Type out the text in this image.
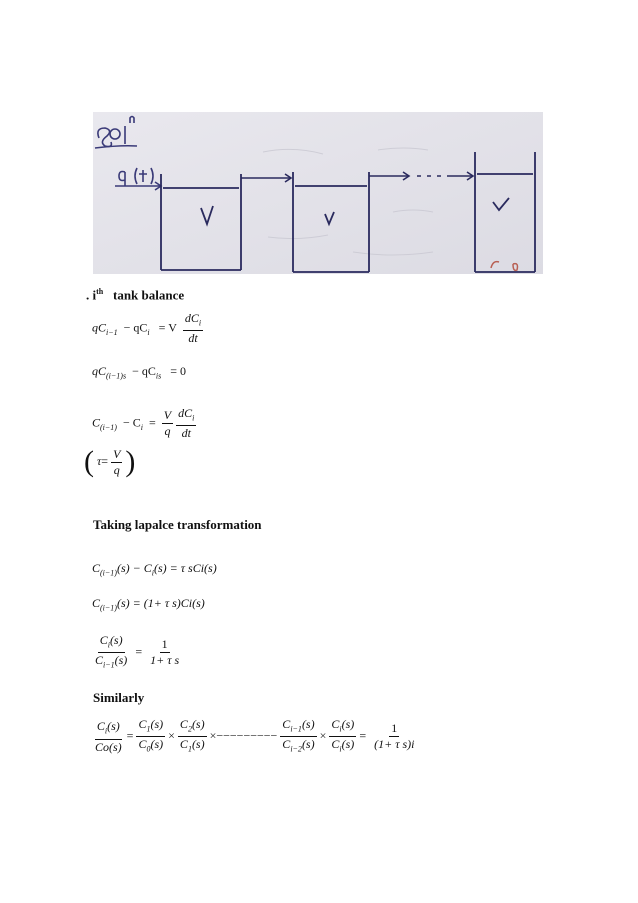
. $i^{th}$ tank balance
$qC_{i-1} - qC_i = V \frac{dC_i}{dt}$
$qC_{(i-1)s} - qC_{is} = 0$
$C_{(i-1)} - C_i = \frac{V}{q} \frac{dC_i}{dt}$
( $\tau= \frac{V}{q}$ )
Taking lapalce transformation
$C_{(i-1)}(s) - C_i(s) = \tau$ sCi(s)
$C_{(i-1)}(s) = (1+ \tau$ s)Ci(s)
$\frac{C_i(s)}{C_{i-1}(s)} = \frac{1}{\text{1+ τ s}}$
Similarly
$\frac{C_i(s)}{Co(s)} = \frac{C_1(s)}{C_0(s)} \times \frac{C_2(s)}{C_1(s)}$ ×−−−−−−−−− $\frac{C_{i-1}(s)}{C_{i-2}(s)} \times \frac{C_i(s)}{C_i(s)} = \frac{1}{\text{(1+ τ s)i}}$
